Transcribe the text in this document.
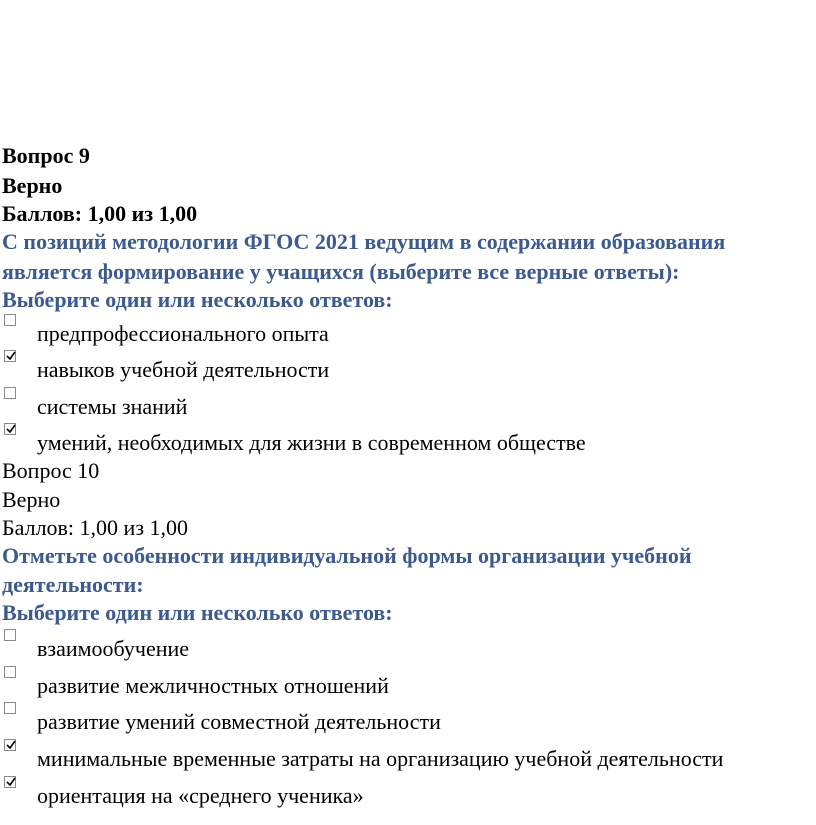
Вопрос 9
Верно
Баллов: 1,00 из 1,00
С позиций методологии ФГОС 2021 ведущим в содержании образования
является формирование у учащихся (выберите все верные ответы):
Выберите один или несколько ответов:
предпрофессионального опыта
навыков учебной деятельности
системы знаний
умений, необходимых для жизни в современном обществе
Вопрос 10
Верно
Баллов: 1,00 из 1,00
Отметьте особенности индивидуальной формы организации учебной
деятельности:
Выберите один или несколько ответов:
взаимообучение
развитие межличностных отношений
развитие умений совместной деятельности
минимальные временные затраты на организацию учебной деятельности
ориентация на «среднего ученика»
